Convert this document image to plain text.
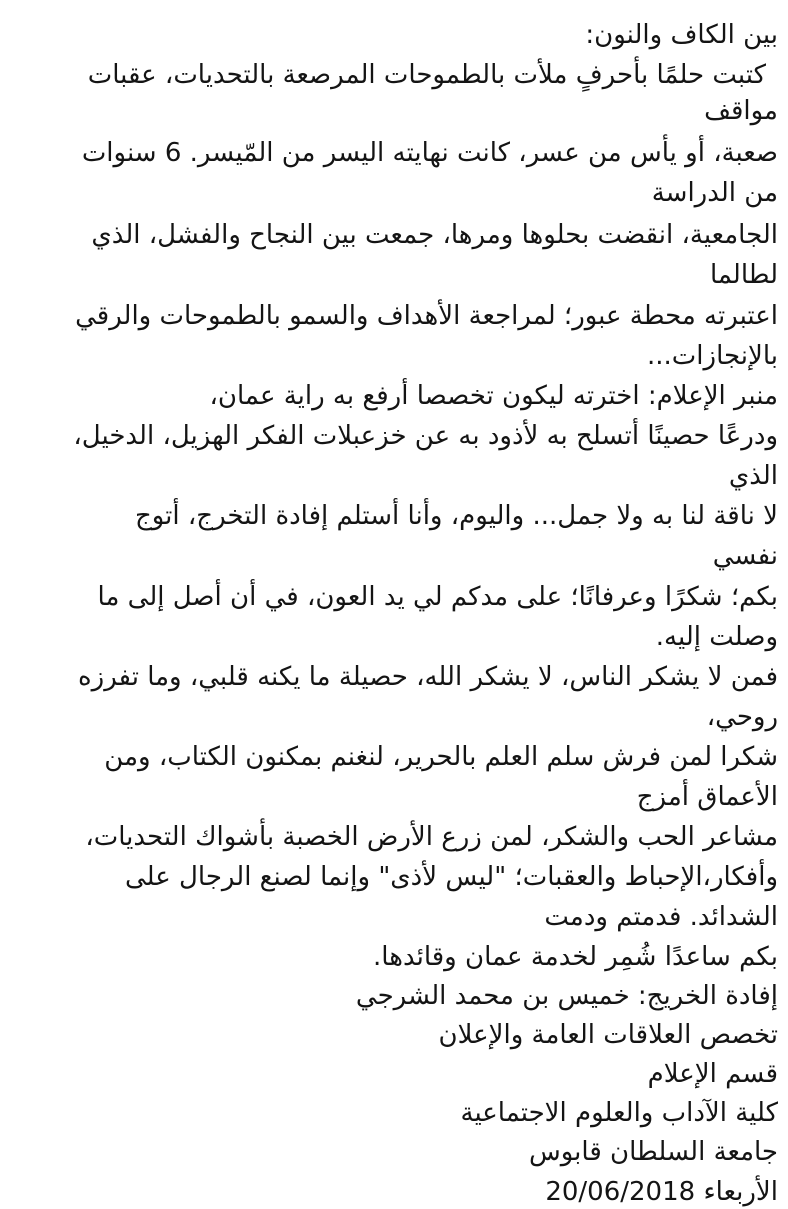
بين الكاف والنون:
كتبت حلمًا بأحرفٍ ملأت بالطموحات المرصعة بالتحديات، عقبات
مواقف
صعبة، أو يأس من عسر، كانت نهايته اليسر من المّيسر. 6 سنوات
من الدراسة
الجامعية، انقضت بحلوها ومرها، جمعت بين النجاح والفشل، الذي
لطالما
اعتبرته محطة عبور؛ لمراجعة الأهداف والسمو بالطموحات والرقي
بالإنجازات...
منبر الإعلام: اخترته ليكون تخصصا أرفع به راية عمان،
ودرعًا حصينًا أتسلح به لأذود به عن خزعبلات الفكر الهزيل، الدخيل،
الذي
لا ناقة لنا به ولا جمل... واليوم، وأنا أستلم إفادة التخرج، أتوج
نفسي
بكم؛ شكرًا وعرفانًا؛ على مدكم لي يد العون، في أن أصل إلى ما
وصلت إليه.
فمن لا يشكر الناس، لا يشكر الله، حصيلة ما يكنه قلبي، وما تفرزه
روحي،
شكرا لمن فرش سلم العلم بالحرير، لنغنم بمكنون الكتاب، ومن
الأعماق أمزج
مشاعر الحب والشكر، لمن زرع الأرض الخصبة بأشواك التحديات،
وأفكار،الإحباط والعقبات؛ "ليس لأذى" وإنما لصنع الرجال على
الشدائد. فدمتم ودمت
بكم ساعدًا شُمِر لخدمة عمان وقائدها.
إفادة الخريج: خميس بن محمد الشرجي
تخصص العلاقات العامة والإعلان
قسم الإعلام
كلية الآداب والعلوم الاجتماعية
جامعة السلطان قابوس
الأربعاء 20/06/2018
